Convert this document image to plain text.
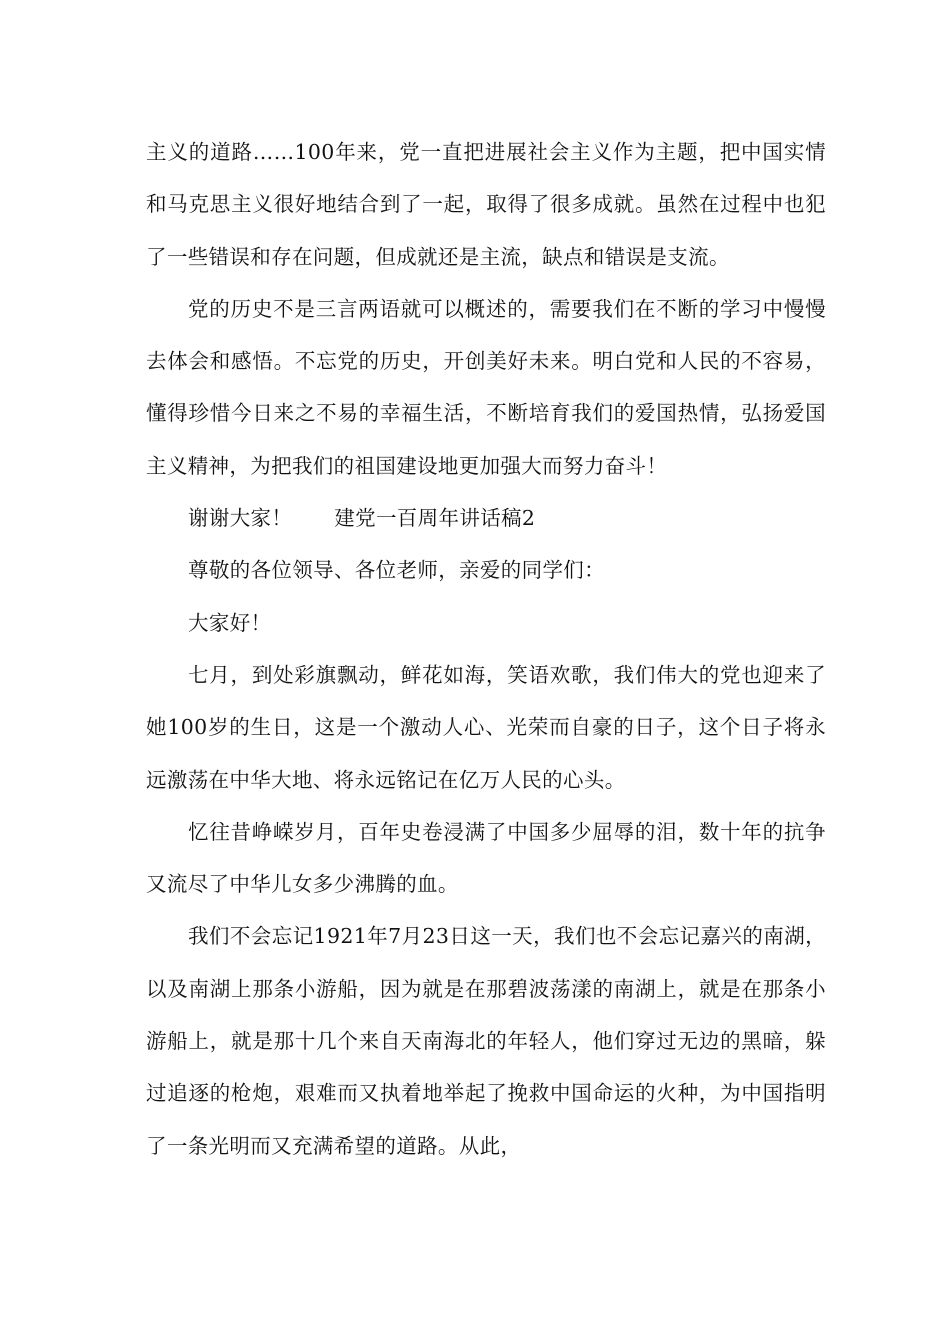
主义的道路……100年来，党一直把进展社会主义作为主题，把中国实情和马克思主义很好地结合到了一起，取得了很多成就。虽然在过程中也犯了一些错误和存在问题，但成就还是主流，缺点和错误是支流。

党的历史不是三言两语就可以概述的，需要我们在不断的学习中慢慢去体会和感悟。不忘党的历史，开创美好未来。明白党和人民的不容易，懂得珍惜今日来之不易的幸福生活，不断培育我们的爱国热情，弘扬爱国主义精神，为把我们的祖国建设地更加强大而努力奋斗！

谢谢大家！ 建党一百周年讲话稿2

尊敬的各位领导、各位老师，亲爱的同学们：

大家好！

七月，到处彩旗飘动，鲜花如海，笑语欢歌，我们伟大的党也迎来了她100岁的生日，这是一个激动人心、光荣而自豪的日子，这个日子将永远激荡在中华大地、将永远铭记在亿万人民的心头。

忆往昔峥嵘岁月，百年史卷浸满了中国多少屈辱的泪，数十年的抗争又流尽了中华儿女多少沸腾的血。

我们不会忘记1921年7月23日这一天，我们也不会忘记嘉兴的南湖，以及南湖上那条小游船，因为就是在那碧波荡漾的南湖上，就是在那条小游船上，就是那十几个来自天南海北的年轻人，他们穿过无边的黑暗，躲过追逐的枪炮，艰难而又执着地举起了挽救中国命运的火种，为中国指明了一条光明而又充满希望的道路。从此，
